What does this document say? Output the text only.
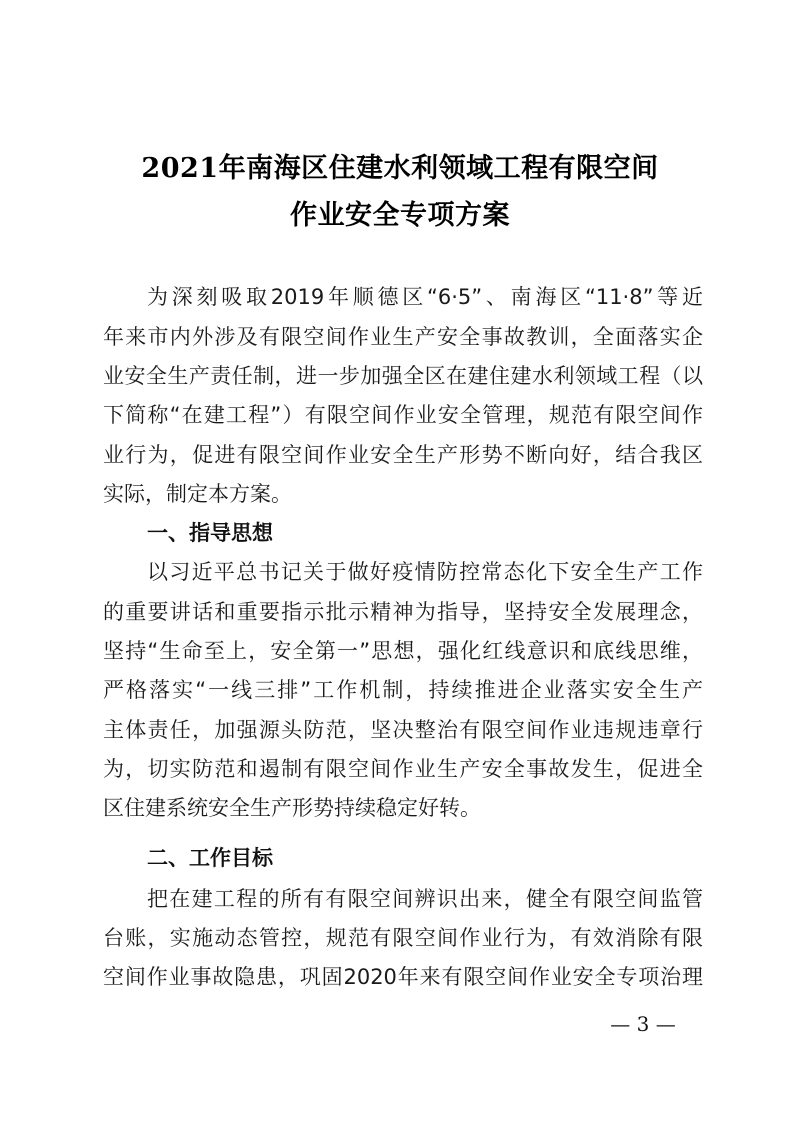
2021年南海区住建水利领域工程有限空间
作业安全专项方案
为深刻吸取2019年顺德区“6·5”、南海区“11·8”等近
年来市内外涉及有限空间作业生产安全事故教训，全面落实企
业安全生产责任制，进一步加强全区在建住建水利领域工程（以
下简称“在建工程”）有限空间作业安全管理，规范有限空间作
业行为，促进有限空间作业安全生产形势不断向好，结合我区
实际，制定本方案。
一、指导思想
以习近平总书记关于做好疫情防控常态化下安全生产工作
的重要讲话和重要指示批示精神为指导，坚持安全发展理念，
坚持“生命至上，安全第一”思想，强化红线意识和底线思维，
严格落实“一线三排”工作机制，持续推进企业落实安全生产
主体责任，加强源头防范，坚决整治有限空间作业违规违章行
为，切实防范和遏制有限空间作业生产安全事故发生，促进全
区住建系统安全生产形势持续稳定好转。
二、工作目标
把在建工程的所有有限空间辨识出来，健全有限空间监管
台账，实施动态管控，规范有限空间作业行为，有效消除有限
空间作业事故隐患，巩固2020年来有限空间作业安全专项治理
— 3 —
